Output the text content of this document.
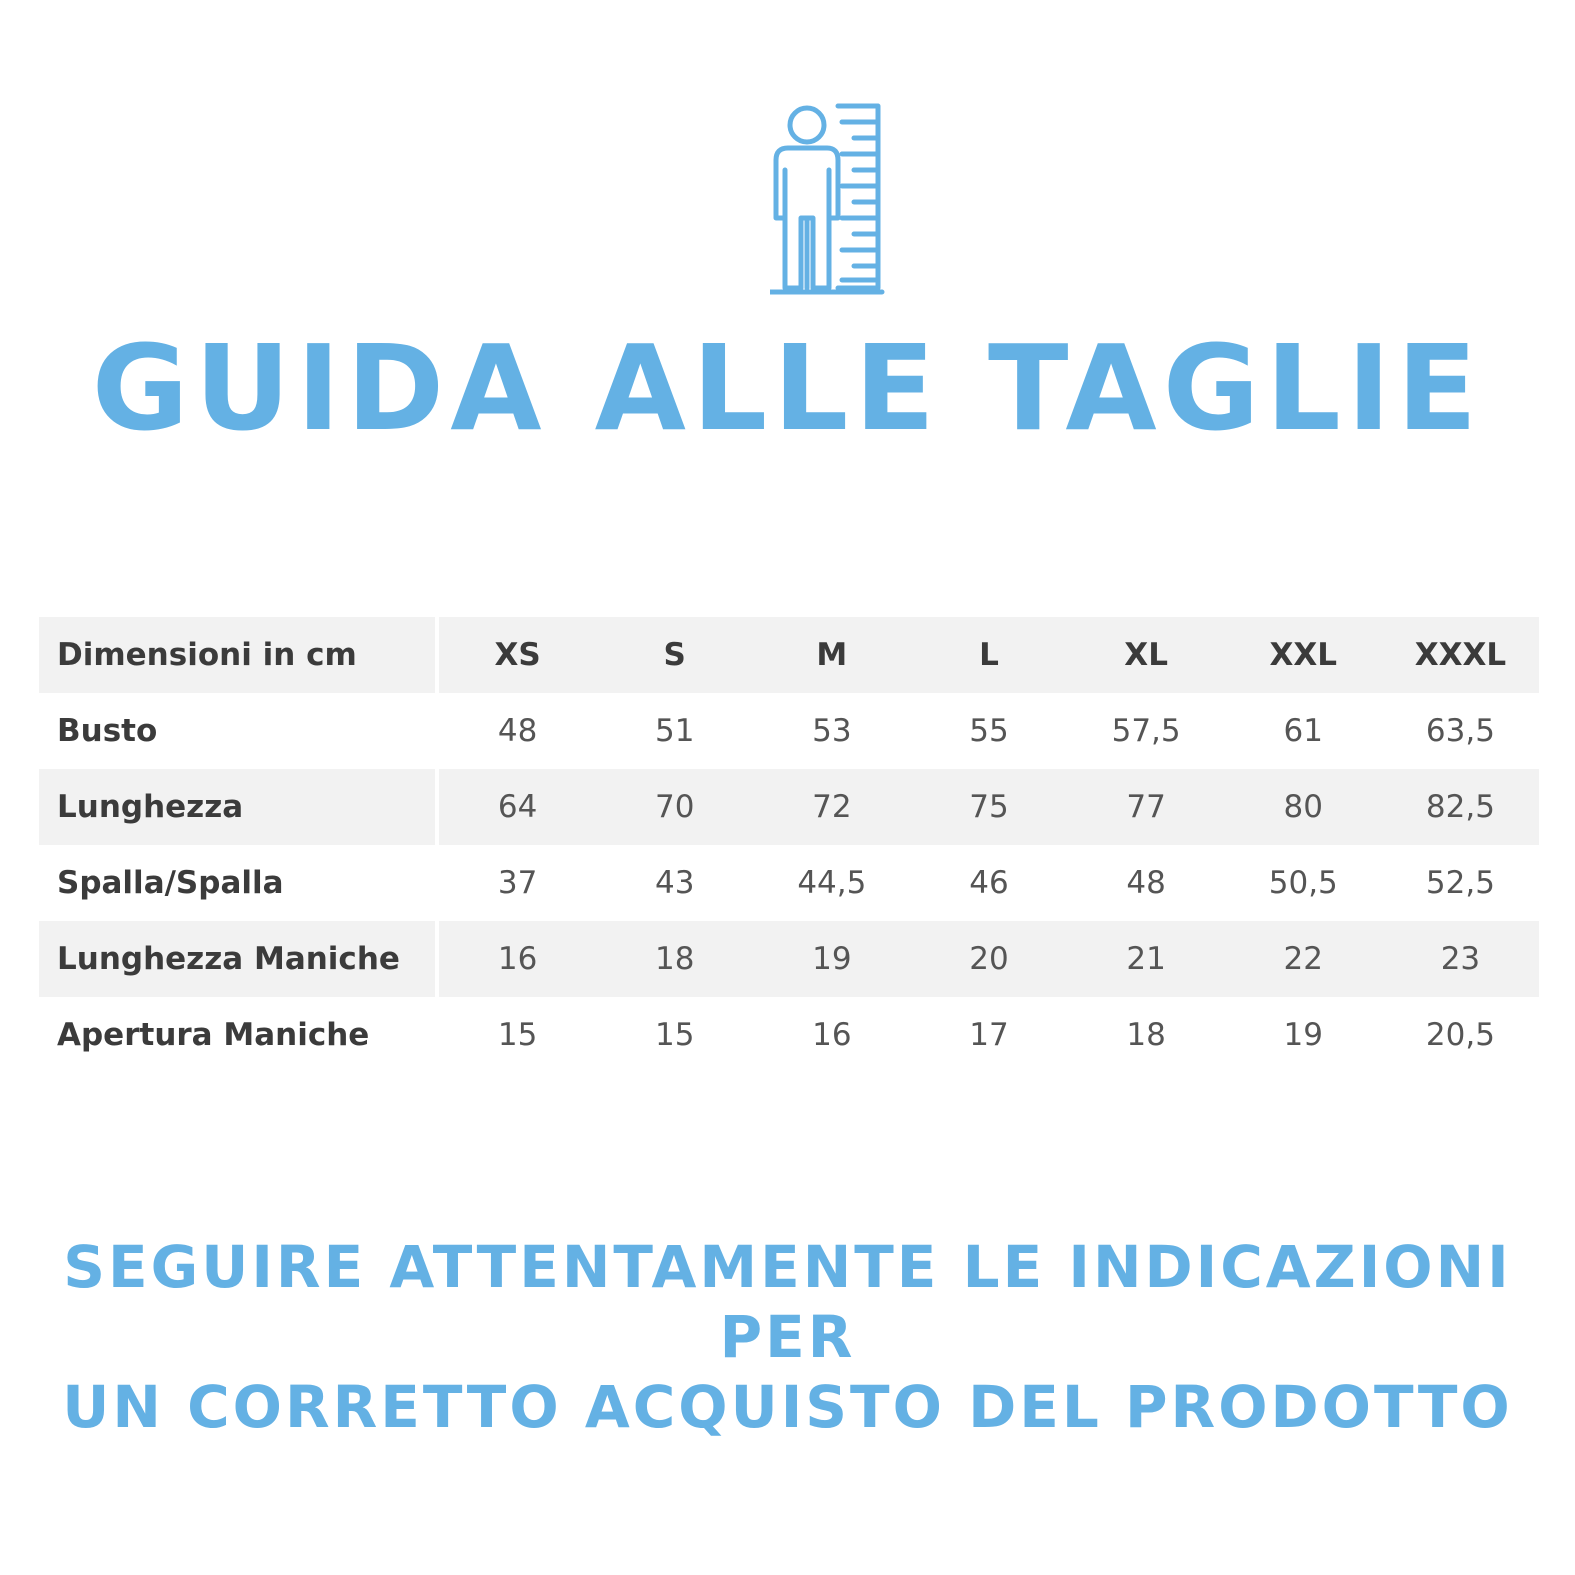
GUIDA ALLE TAGLIE
Dimensioni in cm	XS	S	M	L	XL	XXL	XXXL
Busto	48	51	53	55	57,5	61	63,5
Lunghezza	64	70	72	75	77	80	82,5
Spalla/Spalla	37	43	44,5	46	48	50,5	52,5
Lunghezza Maniche	16	18	19	20	21	22	23
Apertura Maniche	15	15	16	17	18	19	20,5
SEGUIRE ATTENTAMENTE LE INDICAZIONI PER
UN CORRETTO ACQUISTO DEL PRODOTTO
